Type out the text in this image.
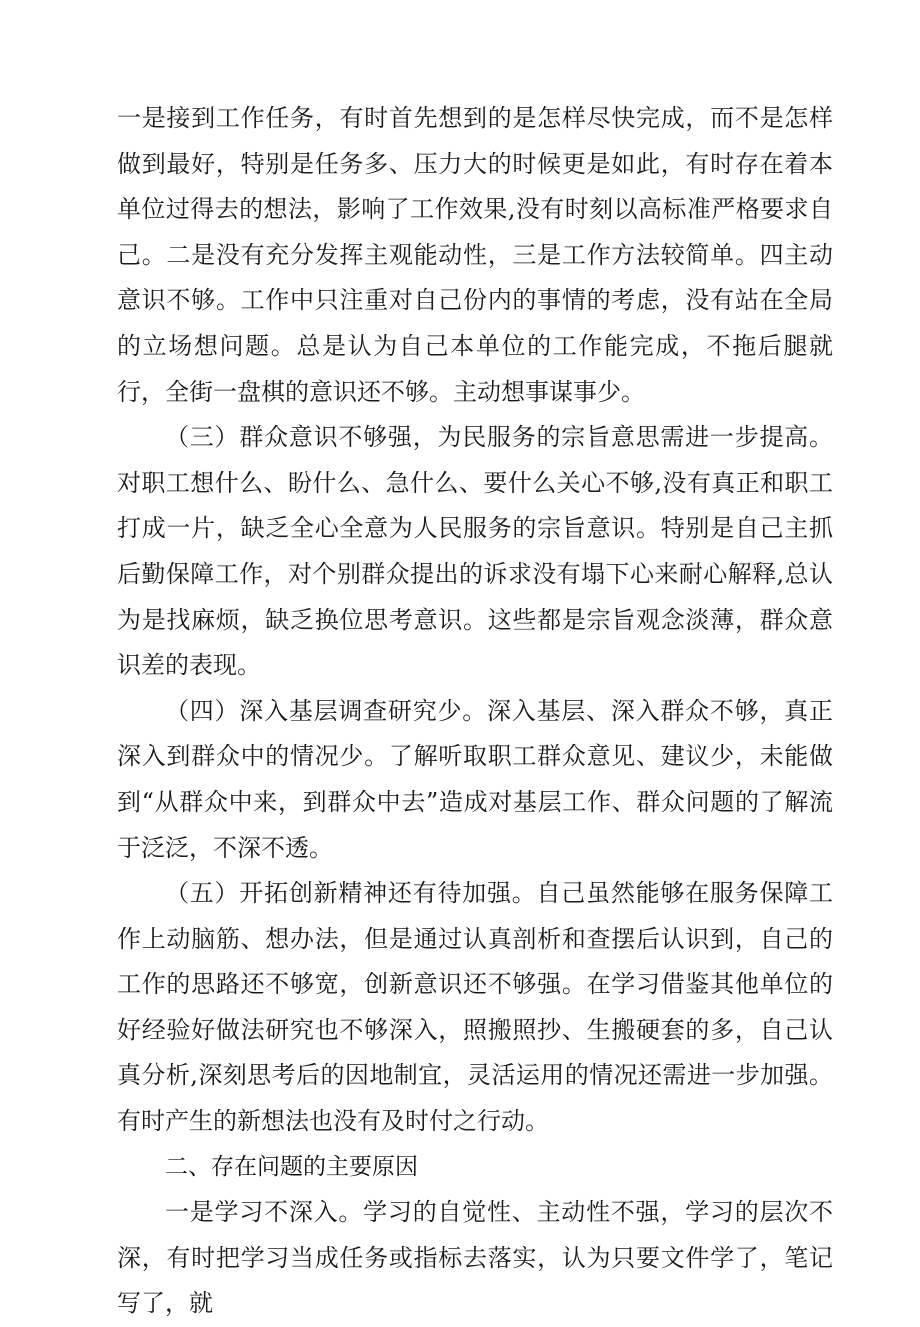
一是接到工作任务，有时首先想到的是怎样尽快完成，而不是怎样做到最好，特别是任务多、压力大的时候更是如此，有时存在着本单位过得去的想法，影响了工作效果,没有时刻以高标准严格要求自己。二是没有充分发挥主观能动性，三是工作方法较简单。四主动意识不够。工作中只注重对自己份内的事情的考虑，没有站在全局的立场想问题。总是认为自己本单位的工作能完成，不拖后腿就行，全街一盘棋的意识还不够。主动想事谋事少。

（三）群众意识不够强，为民服务的宗旨意思需进一步提高。对职工想什么、盼什么、急什么、要什么关心不够,没有真正和职工打成一片，缺乏全心全意为人民服务的宗旨意识。特别是自己主抓后勤保障工作，对个别群众提出的诉求没有塌下心来耐心解释,总认为是找麻烦，缺乏换位思考意识。这些都是宗旨观念淡薄，群众意识差的表现。

（四）深入基层调查研究少。深入基层、深入群众不够，真正深入到群众中的情况少。了解听取职工群众意见、建议少，未能做到“从群众中来，到群众中去”造成对基层工作、群众问题的了解流于泛泛，不深不透。

（五）开拓创新精神还有待加强。自己虽然能够在服务保障工作上动脑筋、想办法，但是通过认真剖析和查摆后认识到，自己的工作的思路还不够宽，创新意识还不够强。在学习借鉴其他单位的好经验好做法研究也不够深入，照搬照抄、生搬硬套的多，自己认真分析,深刻思考后的因地制宜，灵活运用的情况还需进一步加强。有时产生的新想法也没有及时付之行动。

二、存在问题的主要原因

一是学习不深入。学习的自觉性、主动性不强，学习的层次不深，有时把学习当成任务或指标去落实，认为只要文件学了，笔记写了，就
